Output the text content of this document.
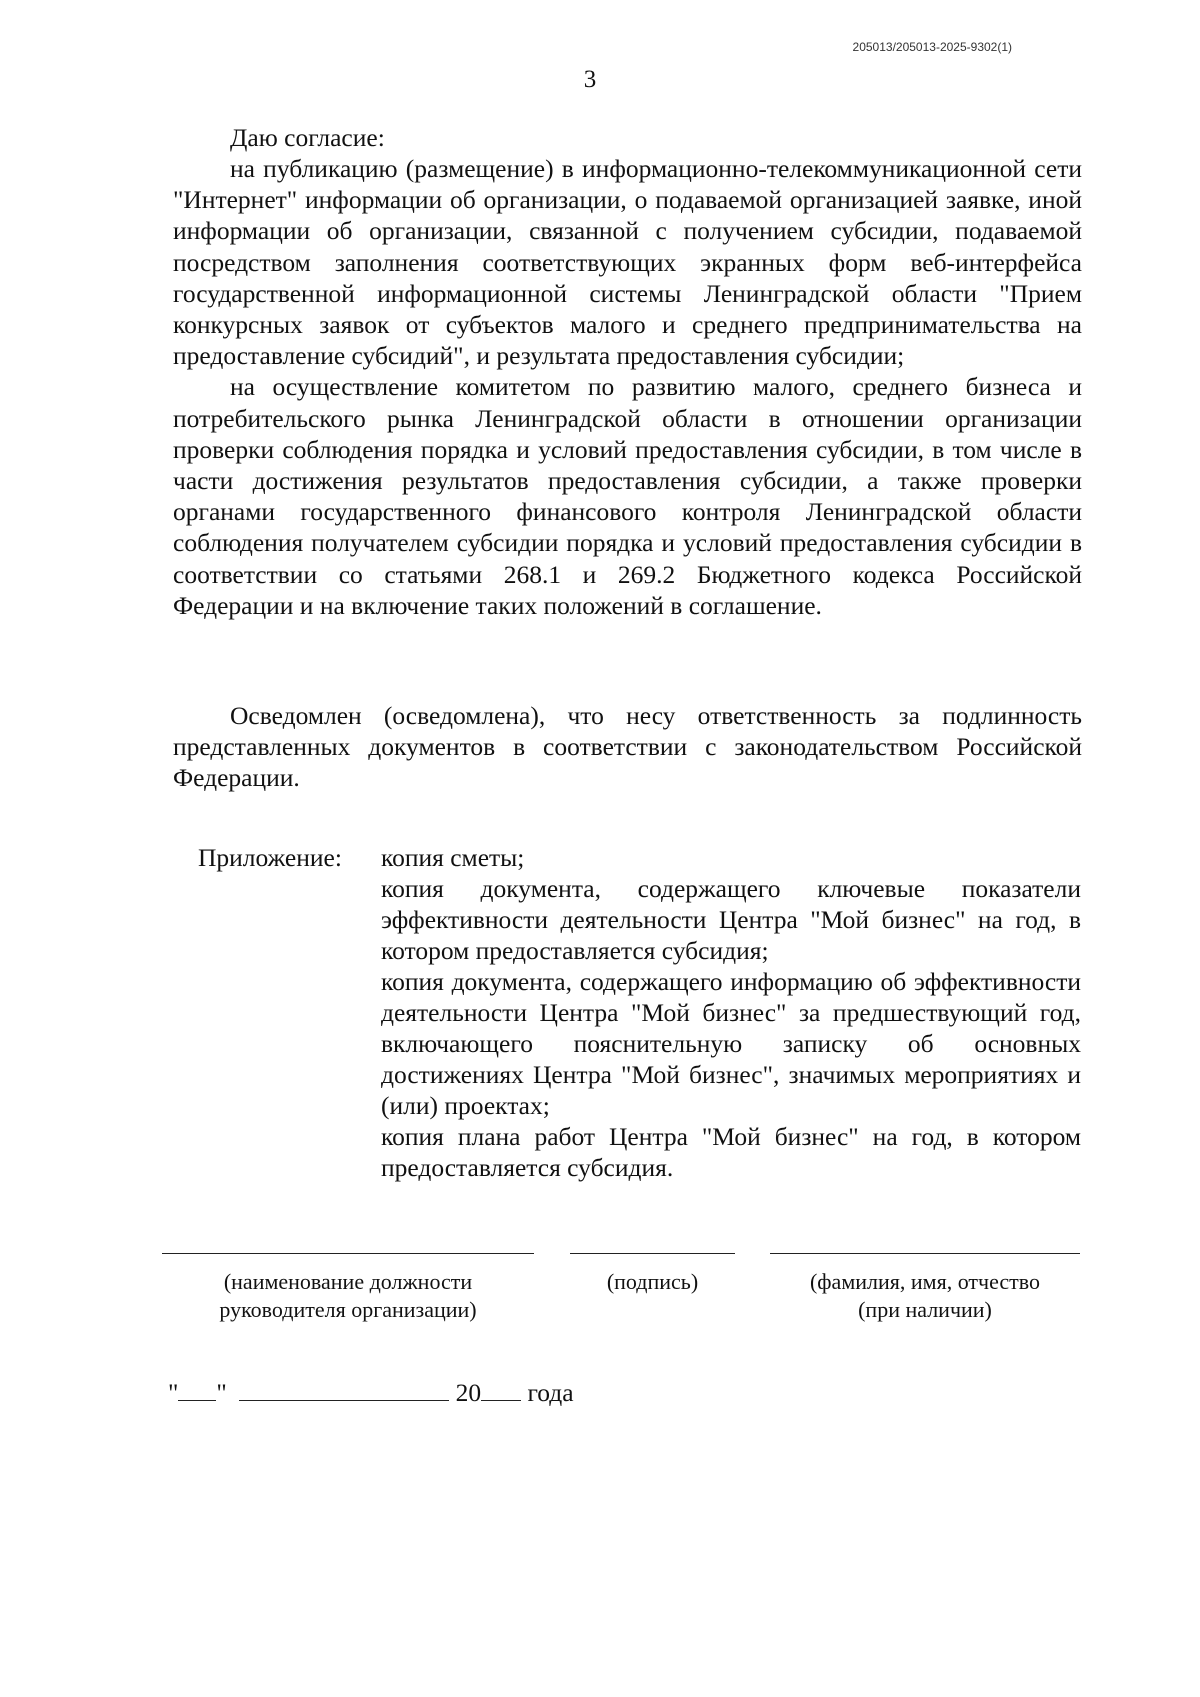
205013/205013-2025-9302(1)
3
Даю согласие:

на публикацию (размещение) в информационно-телекоммуникационной сети "Интернет" информации об организации, о подаваемой организацией заявке, иной информации об организации, связанной с получением субсидии, подаваемой посредством заполнения соответствующих экранных форм веб-интерфейса государственной информационной системы Ленинградской области "Прием конкурсных заявок от субъектов малого и среднего предпринимательства на предоставление субсидий", и результата предоставления субсидии;

на осуществление комитетом по развитию малого, среднего бизнеса и потребительского рынка Ленинградской области в отношении организации проверки соблюдения порядка и условий предоставления субсидии, в том числе в части достижения результатов предоставления субсидии, а также проверки органами государственного финансового контроля Ленинградской области соблюдения получателем субсидии порядка и условий предоставления субсидии в соответствии со статьями 268.1 и 269.2 Бюджетного кодекса Российской Федерации и на включение таких положений в соглашение.

Осведомлен (осведомлена), что несу ответственность за подлинность представленных документов в соответствии с законодательством Российской Федерации.

Приложение: копия сметы;

копия документа, содержащего ключевые показатели эффективности деятельности Центра "Мой бизнес" на год, в котором предоставляется субсидия;

копия документа, содержащего информацию об эффективности деятельности Центра "Мой бизнес" за предшествующий год, включающего пояснительную записку об основных достижениях Центра "Мой бизнес", значимых мероприятиях и (или) проектах;

копия плана работ Центра "Мой бизнес" на год, в котором предоставляется субсидия.

(наименование должности
руководителя организации)
(подпись)	(фамилия, имя, отчество
(при наличии)
" "	20 года
